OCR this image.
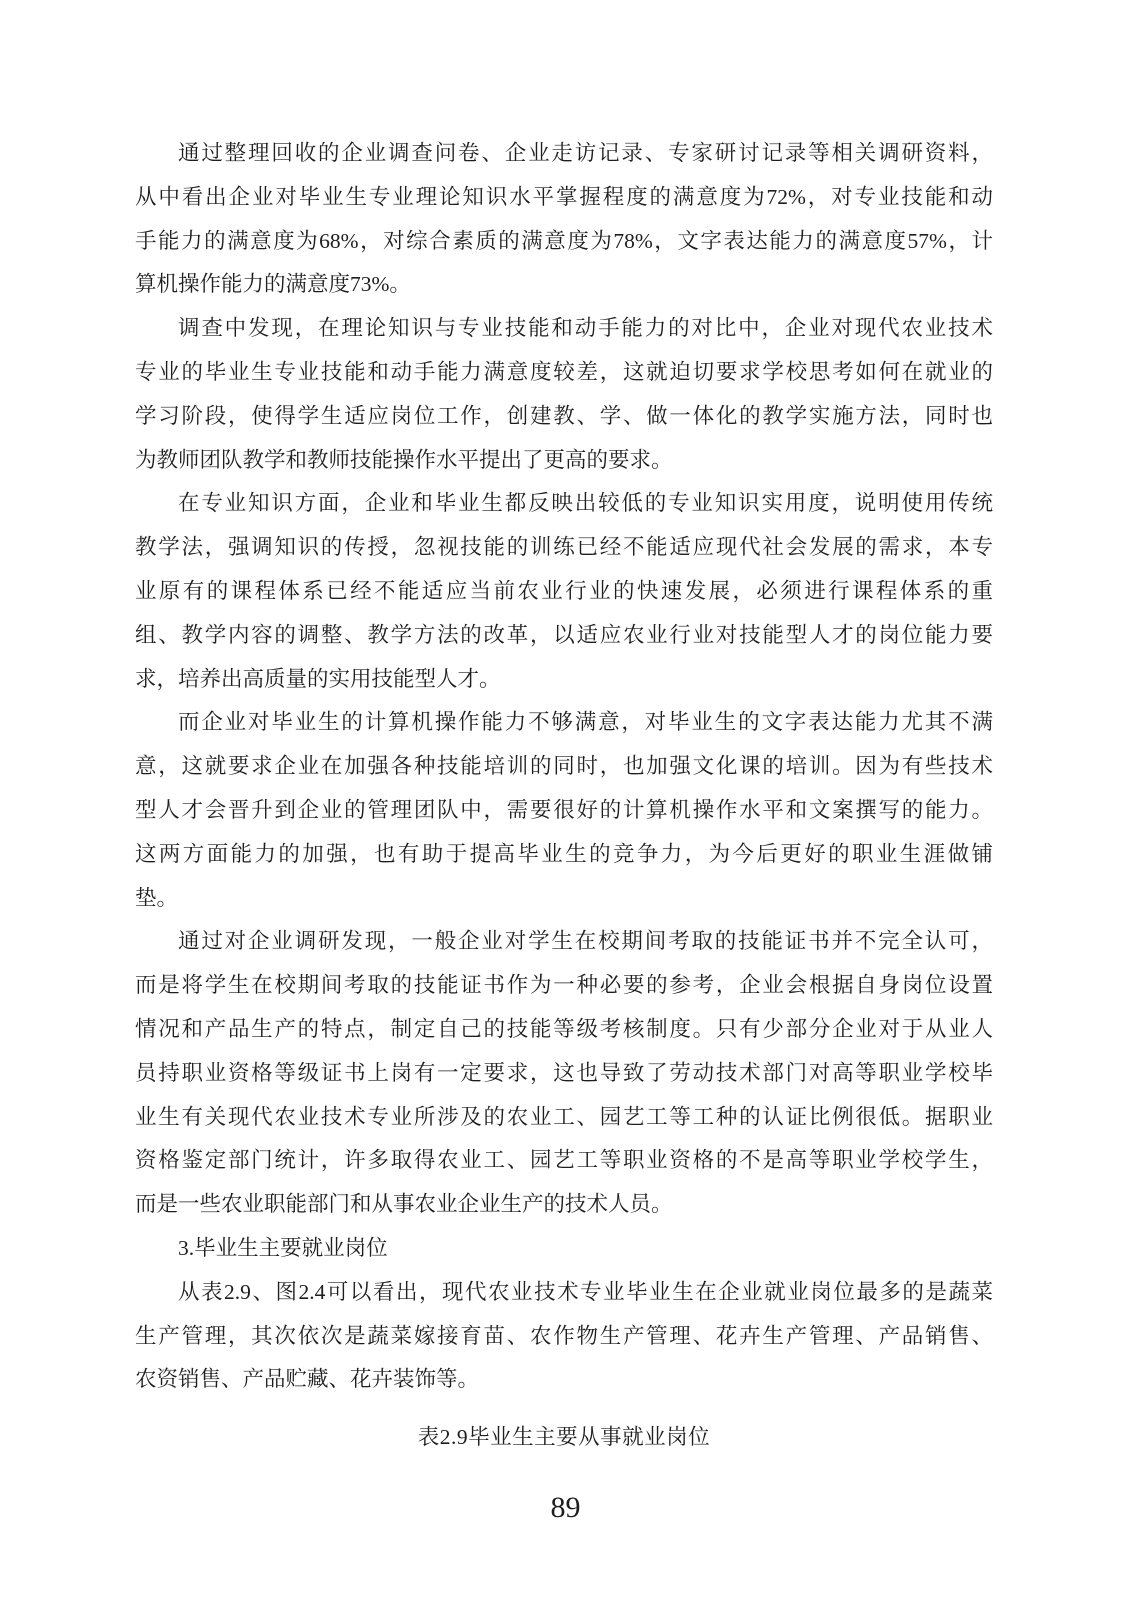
通过整理回收的企业调查问卷、企业走访记录、专家研讨记录等相关调研资料，
从中看出企业对毕业生专业理论知识水平掌握程度的满意度为72%，对专业技能和动
手能力的满意度为68%，对综合素质的满意度为78%，文字表达能力的满意度57%，计
算机操作能力的满意度73%。
调查中发现，在理论知识与专业技能和动手能力的对比中，企业对现代农业技术
专业的毕业生专业技能和动手能力满意度较差，这就迫切要求学校思考如何在就业的
学习阶段，使得学生适应岗位工作，创建教、学、做一体化的教学实施方法，同时也
为教师团队教学和教师技能操作水平提出了更高的要求。
在专业知识方面，企业和毕业生都反映出较低的专业知识实用度，说明使用传统
教学法，强调知识的传授，忽视技能的训练已经不能适应现代社会发展的需求，本专
业原有的课程体系已经不能适应当前农业行业的快速发展，必须进行课程体系的重
组、教学内容的调整、教学方法的改革，以适应农业行业对技能型人才的岗位能力要
求，培养出高质量的实用技能型人才。
而企业对毕业生的计算机操作能力不够满意，对毕业生的文字表达能力尤其不满
意，这就要求企业在加强各种技能培训的同时，也加强文化课的培训。因为有些技术
型人才会晋升到企业的管理团队中，需要很好的计算机操作水平和文案撰写的能力。
这两方面能力的加强，也有助于提高毕业生的竞争力，为今后更好的职业生涯做铺
垫。
通过对企业调研发现，一般企业对学生在校期间考取的技能证书并不完全认可，
而是将学生在校期间考取的技能证书作为一种必要的参考，企业会根据自身岗位设置
情况和产品生产的特点，制定自己的技能等级考核制度。只有少部分企业对于从业人
员持职业资格等级证书上岗有一定要求，这也导致了劳动技术部门对高等职业学校毕
业生有关现代农业技术专业所涉及的农业工、园艺工等工种的认证比例很低。据职业
资格鉴定部门统计，许多取得农业工、园艺工等职业资格的不是高等职业学校学生，
而是一些农业职能部门和从事农业企业生产的技术人员。
3.毕业生主要就业岗位
从表2.9、图2.4可以看出，现代农业技术专业毕业生在企业就业岗位最多的是蔬菜
生产管理，其次依次是蔬菜嫁接育苗、农作物生产管理、花卉生产管理、产品销售、
农资销售、产品贮藏、花卉装饰等。
表2.9毕业生主要从事就业岗位
89
